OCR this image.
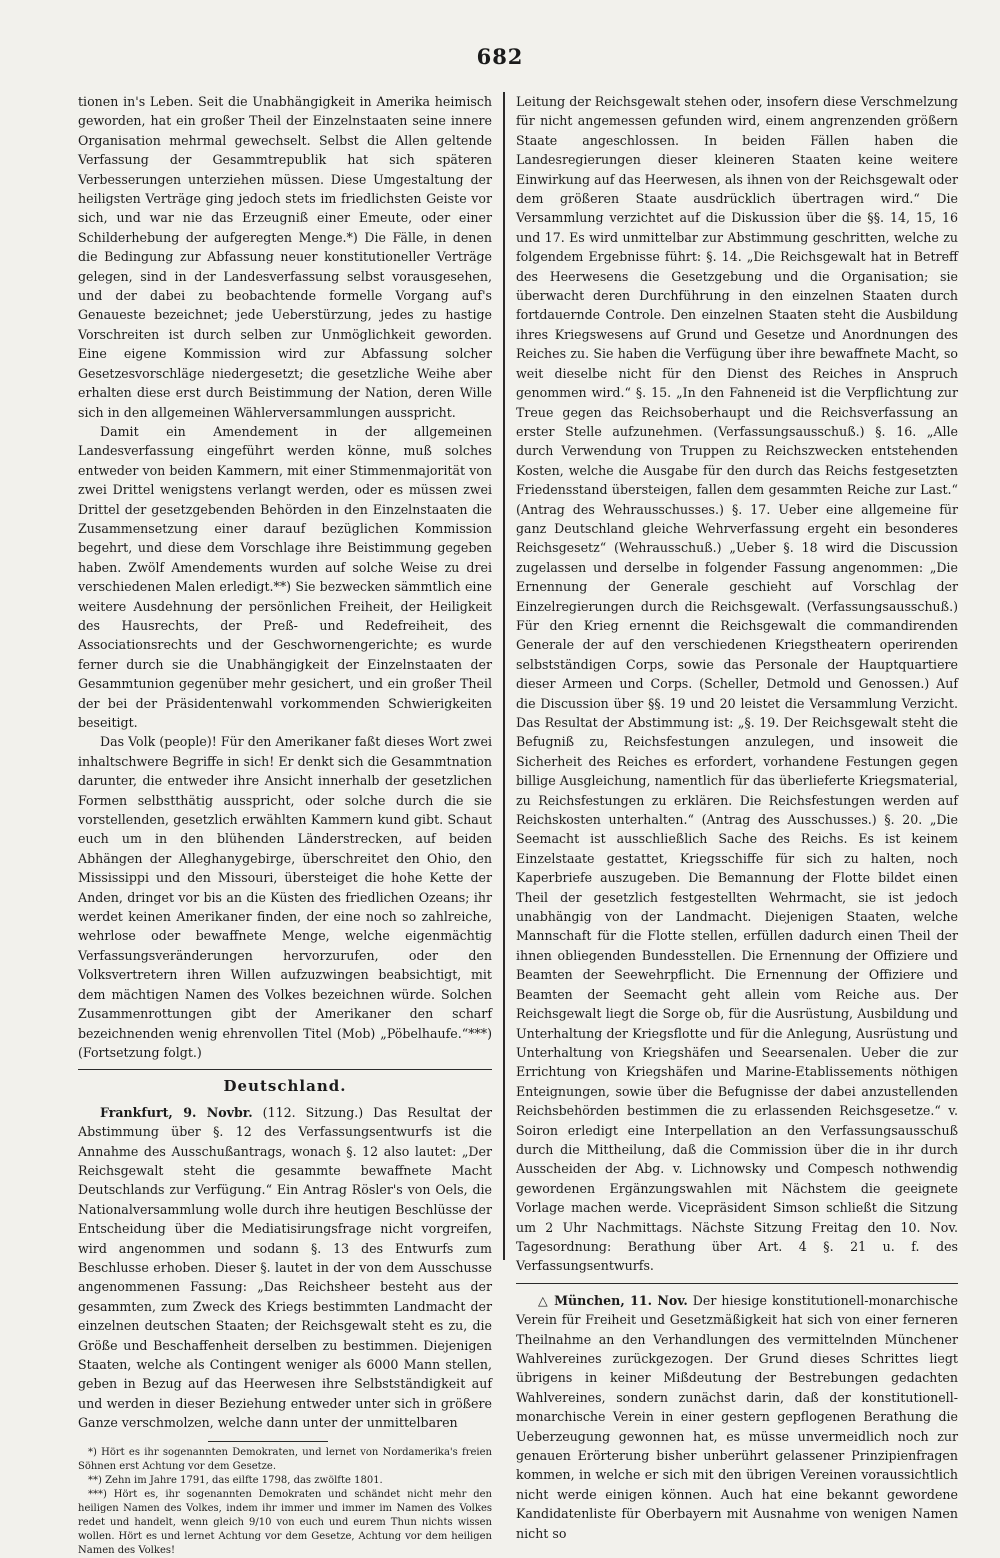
682

tionen in's Leben. Seit die Unabhängigkeit in Amerika heimisch geworden, hat ein großer Theil der Einzelnstaaten seine innere Organisation mehrmal gewechselt. Selbst die Allen geltende Verfassung der Gesammtrepublik hat sich späteren Verbesserungen unterziehen müssen. Diese Umgestaltung der heiligsten Verträge ging jedoch stets im friedlichsten Geiste vor sich, und war nie das Erzeugniß einer Emeute, oder einer Schilderhebung der aufgeregten Menge.*) Die Fälle, in denen die Bedingung zur Abfassung neuer konstitutioneller Verträge gelegen, sind in der Landesverfassung selbst vorausgesehen, und der dabei zu beobachtende formelle Vorgang auf's Genaueste bezeichnet; jede Ueberstürzung, jedes zu hastige Vorschreiten ist durch selben zur Unmöglichkeit geworden. Eine eigene Kommission wird zur Abfassung solcher Gesetzesvorschläge niedergesetzt; die gesetzliche Weihe aber erhalten diese erst durch Beistimmung der Nation, deren Wille sich in den allgemeinen Wählerversammlungen ausspricht.

Damit ein Amendement in der allgemeinen Landesverfassung eingeführt werden könne, muß solches entweder von beiden Kammern, mit einer Stimmenmajorität von zwei Drittel wenigstens verlangt werden, oder es müssen zwei Drittel der gesetzgebenden Behörden in den Einzelnstaaten die Zusammensetzung einer darauf bezüglichen Kommission begehrt, und diese dem Vorschlage ihre Beistimmung gegeben haben. Zwölf Amendements wurden auf solche Weise zu drei verschiedenen Malen erledigt.**) Sie bezwecken sämmtlich eine weitere Ausdehnung der persönlichen Freiheit, der Heiligkeit des Hausrechts, der Preß- und Redefreiheit, des Associationsrechts und der Geschwornengerichte; es wurde ferner durch sie die Unabhängigkeit der Einzelnstaaten der Gesammtunion gegenüber mehr gesichert, und ein großer Theil der bei der Präsidentenwahl vorkommenden Schwierigkeiten beseitigt.

Das Volk (people)! Für den Amerikaner faßt dieses Wort zwei inhaltschwere Begriffe in sich! Er denkt sich die Gesammtnation darunter, die entweder ihre Ansicht innerhalb der gesetzlichen Formen selbstthätig ausspricht, oder solche durch die sie vorstellenden, gesetzlich erwählten Kammern kund gibt. Schaut euch um in den blühenden Länderstrecken, auf beiden Abhängen der Alleghanygebirge, überschreitet den Ohio, den Mississippi und den Missouri, übersteiget die hohe Kette der Anden, dringet vor bis an die Küsten des friedlichen Ozeans; ihr werdet keinen Amerikaner finden, der eine noch so zahlreiche, wehrlose oder bewaffnete Menge, welche eigenmächtig Verfassungsveränderungen hervorzurufen, oder den Volksvertretern ihren Willen aufzuzwingen beabsichtigt, mit dem mächtigen Namen des Volkes bezeichnen würde. Solchen Zusammenrottungen gibt der Amerikaner den scharf bezeichnenden wenig ehrenvollen Titel (Mob) „Pöbelhaufe.“***) (Fortsetzung folgt.)

Deutschland.

Frankfurt, 9. Novbr. (112. Sitzung.) Das Resultat der Abstimmung über §. 12 des Verfassungsentwurfs ist die Annahme des Ausschußantrags, wonach §. 12 also lautet: „Der Reichsgewalt steht die gesammte bewaffnete Macht Deutschlands zur Verfügung.“ Ein Antrag Rösler's von Oels, die Nationalversammlung wolle durch ihre heutigen Beschlüsse der Entscheidung über die Mediatisirungsfrage nicht vorgreifen, wird angenommen und sodann §. 13 des Entwurfs zum Beschlusse erhoben. Dieser §. lautet in der von dem Ausschusse angenommenen Fassung: „Das Reichsheer besteht aus der gesammten, zum Zweck des Kriegs bestimmten Landmacht der einzelnen deutschen Staaten; der Reichsgewalt steht es zu, die Größe und Beschaffenheit derselben zu bestimmen. Diejenigen Staaten, welche als Contingent weniger als 6000 Mann stellen, geben in Bezug auf das Heerwesen ihre Selbstständigkeit auf und werden in dieser Beziehung entweder unter sich in größere Ganze verschmolzen, welche dann unter der unmittelbaren

*) Hört es ihr sogenannten Demokraten, und lernet von Nordamerika's freien Söhnen erst Achtung vor dem Gesetze.

**) Zehn im Jahre 1791, das eilfte 1798, das zwölfte 1801.

***) Hört es, ihr sogenannten Demokraten und schändet nicht mehr den heiligen Namen des Volkes, indem ihr immer und immer im Namen des Volkes redet und handelt, wenn gleich 9/10 von euch und eurem Thun nichts wissen wollen. Hört es und lernet Achtung vor dem Gesetze, Achtung vor dem heiligen Namen des Volkes!

Leitung der Reichsgewalt stehen oder, insofern diese Verschmelzung für nicht angemessen gefunden wird, einem angrenzenden größern Staate angeschlossen. In beiden Fällen haben die Landesregierungen dieser kleineren Staaten keine weitere Einwirkung auf das Heerwesen, als ihnen von der Reichsgewalt oder dem größeren Staate ausdrücklich übertragen wird.“ Die Versammlung verzichtet auf die Diskussion über die §§. 14, 15, 16 und 17. Es wird unmittelbar zur Abstimmung geschritten, welche zu folgendem Ergebnisse führt: §. 14. „Die Reichsgewalt hat in Betreff des Heerwesens die Gesetzgebung und die Organisation; sie überwacht deren Durchführung in den einzelnen Staaten durch fortdauernde Controle. Den einzelnen Staaten steht die Ausbildung ihres Kriegswesens auf Grund und Gesetze und Anordnungen des Reiches zu. Sie haben die Verfügung über ihre bewaffnete Macht, so weit dieselbe nicht für den Dienst des Reiches in Anspruch genommen wird.“ §. 15. „In den Fahneneid ist die Verpflichtung zur Treue gegen das Reichsoberhaupt und die Reichsverfassung an erster Stelle aufzunehmen. (Verfassungsausschuß.) §. 16. „Alle durch Verwendung von Truppen zu Reichszwecken entstehenden Kosten, welche die Ausgabe für den durch das Reichs festgesetzten Friedensstand übersteigen, fallen dem gesammten Reiche zur Last.“ (Antrag des Wehrausschusses.) §. 17. Ueber eine allgemeine für ganz Deutschland gleiche Wehrverfassung ergeht ein besonderes Reichsgesetz“ (Wehrausschuß.) „Ueber §. 18 wird die Discussion zugelassen und derselbe in folgender Fassung angenommen: „Die Ernennung der Generale geschieht auf Vorschlag der Einzelregierungen durch die Reichsgewalt. (Verfassungsausschuß.) Für den Krieg ernennt die Reichsgewalt die commandirenden Generale der auf den verschiedenen Kriegstheatern operirenden selbstständigen Corps, sowie das Personale der Hauptquartiere dieser Armeen und Corps. (Scheller, Detmold und Genossen.) Auf die Discussion über §§. 19 und 20 leistet die Versammlung Verzicht. Das Resultat der Abstimmung ist: „§. 19. Der Reichsgewalt steht die Befugniß zu, Reichsfestungen anzulegen, und insoweit die Sicherheit des Reiches es erfordert, vorhandene Festungen gegen billige Ausgleichung, namentlich für das überlieferte Kriegsmaterial, zu Reichsfestungen zu erklären. Die Reichsfestungen werden auf Reichskosten unterhalten.“ (Antrag des Ausschusses.) §. 20. „Die Seemacht ist ausschließlich Sache des Reichs. Es ist keinem Einzelstaate gestattet, Kriegsschiffe für sich zu halten, noch Kaperbriefe auszugeben. Die Bemannung der Flotte bildet einen Theil der gesetzlich festgestellten Wehrmacht, sie ist jedoch unabhängig von der Landmacht. Diejenigen Staaten, welche Mannschaft für die Flotte stellen, erfüllen dadurch einen Theil der ihnen obliegenden Bundesstellen. Die Ernennung der Offiziere und Beamten der Seewehrpflicht. Die Ernennung der Offiziere und Beamten der Seemacht geht allein vom Reiche aus. Der Reichsgewalt liegt die Sorge ob, für die Ausrüstung, Ausbildung und Unterhaltung der Kriegsflotte und für die Anlegung, Ausrüstung und Unterhaltung von Kriegshäfen und Seearsenalen. Ueber die zur Errichtung von Kriegshäfen und Marine-Etablissements nöthigen Enteignungen, sowie über die Befugnisse der dabei anzustellenden Reichsbehörden bestimmen die zu erlassenden Reichsgesetze.“ v. Soiron erledigt eine Interpellation an den Verfassungsausschuß durch die Mittheilung, daß die Commission über die in ihr durch Ausscheiden der Abg. v. Lichnowsky und Compesch nothwendig gewordenen Ergänzungswahlen mit Nächstem die geeignete Vorlage machen werde. Vicepräsident Simson schließt die Sitzung um 2 Uhr Nachmittags. Nächste Sitzung Freitag den 10. Nov. Tagesordnung: Berathung über Art. 4 §. 21 u. f. des Verfassungsentwurfs.

△ München, 11. Nov. Der hiesige konstitutionell-monarchische Verein für Freiheit und Gesetzmäßigkeit hat sich von einer ferneren Theilnahme an den Verhandlungen des vermittelnden Münchener Wahlvereines zurückgezogen. Der Grund dieses Schrittes liegt übrigens in keiner Mißdeutung der Bestrebungen gedachten Wahlvereines, sondern zunächst darin, daß der konstitutionell-monarchische Verein in einer gestern gepflogenen Berathung die Ueberzeugung gewonnen hat, es müsse unvermeidlich noch zur genauen Erörterung bisher unberührt gelassener Prinzipienfragen kommen, in welche er sich mit den übrigen Vereinen voraussichtlich nicht werde einigen können. Auch hat eine bekannt gewordene Kandidatenliste für Oberbayern mit Ausnahme von wenigen Namen nicht so
